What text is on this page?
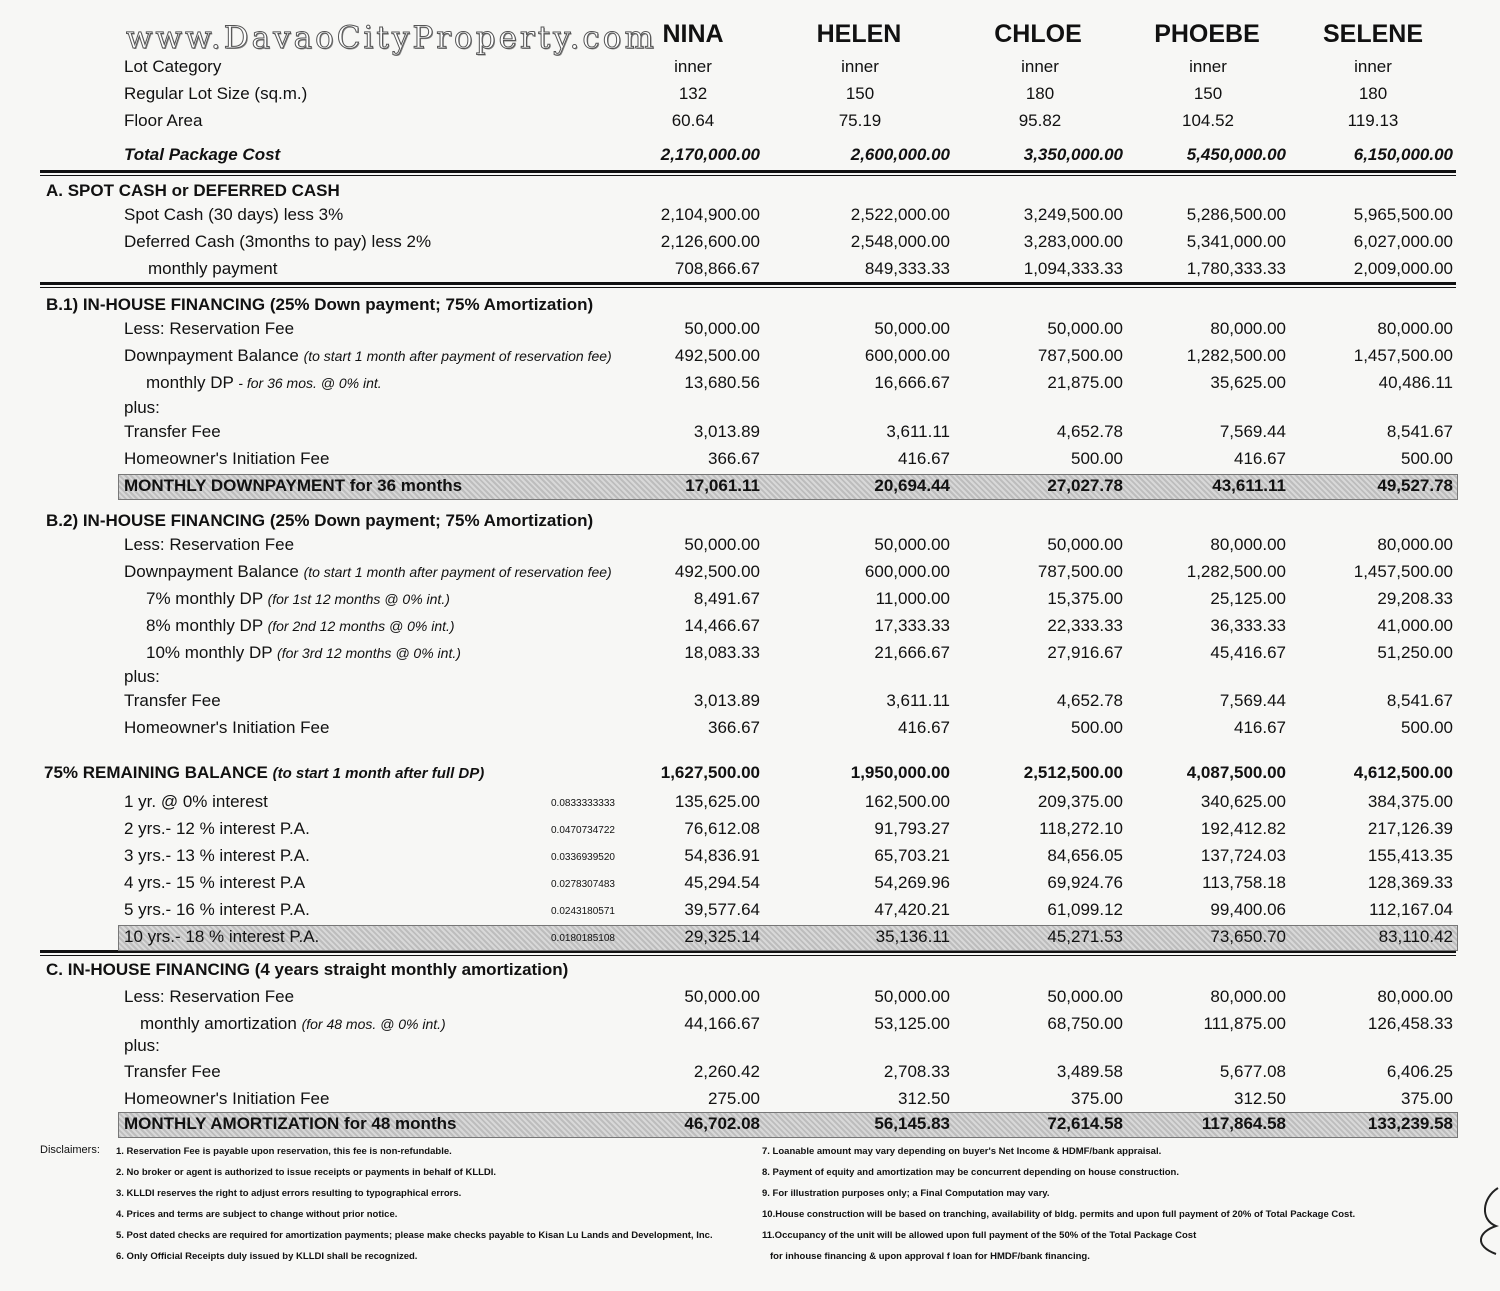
www.DavaoCityProperty.com NINA	HELEN	CHLOE	PHOEBE	SELENE
A. SPOT CASH or DEFERRED CASH
B.1) IN-HOUSE FINANCING (25% Down payment; 75% Amortization)
B.2) IN-HOUSE FINANCING (25% Down payment; 75% Amortization)
75% REMAINING BALANCE (to start 1 month after full DP)	1,627,500.00	1,950,000.00	2,512,500.00	4,087,500.00	4,612,500.00
C. IN-HOUSE FINANCING (4 years straight monthly amortization)
Lot Category	inner	inner	inner	inner	inner
Regular Lot Size (sq.m.)	132	150	180	150	180
Floor Area	60.64	75.19	95.82	104.52	119.13
Total Package Cost	2,170,000.00	2,600,000.00	3,350,000.00	5,450,000.00	6,150,000.00
Spot Cash (30 days) less 3%	2,104,900.00	2,522,000.00	3,249,500.00	5,286,500.00	5,965,500.00
Deferred Cash (3months to pay) less 2%	2,126,600.00	2,548,000.00	3,283,000.00	5,341,000.00	6,027,000.00
monthly payment	708,866.67	849,333.33	1,094,333.33	1,780,333.33	2,009,000.00
Less: Reservation Fee	50,000.00	50,000.00	50,000.00	80,000.00	80,000.00
Downpayment Balance (to start 1 month after payment of reservation fee)	492,500.00	600,000.00	787,500.00	1,282,500.00	1,457,500.00
monthly DP - for 36 mos. @ 0% int.	13,680.56	16,666.67	21,875.00	35,625.00	40,486.11
plus:
Transfer Fee	3,013.89	3,611.11	4,652.78	7,569.44	8,541.67
Homeowner's Initiation Fee	366.67	416.67	500.00	416.67	500.00
MONTHLY DOWNPAYMENT for 36 months	17,061.11	20,694.44	27,027.78	43,611.11	49,527.78
Less: Reservation Fee	50,000.00	50,000.00	50,000.00	80,000.00	80,000.00
Downpayment Balance (to start 1 month after payment of reservation fee)	492,500.00	600,000.00	787,500.00	1,282,500.00	1,457,500.00
7% monthly DP (for 1st 12 months @ 0% int.)	8,491.67	11,000.00	15,375.00	25,125.00	29,208.33
8% monthly DP (for 2nd 12 months @ 0% int.)	14,466.67	17,333.33	22,333.33	36,333.33	41,000.00
10% monthly DP (for 3rd 12 months @ 0% int.)	18,083.33	21,666.67	27,916.67	45,416.67	51,250.00
plus:
Transfer Fee	3,013.89	3,611.11	4,652.78	7,569.44	8,541.67
Homeowner's Initiation Fee	366.67	416.67	500.00	416.67	500.00
1 yr. @ 0% interest	0.0833333333	135,625.00	162,500.00	209,375.00	340,625.00	384,375.00
2 yrs.- 12 % interest P.A.	0.0470734722	76,612.08	91,793.27	118,272.10	192,412.82	217,126.39
3 yrs.- 13 % interest P.A.	0.0336939520	54,836.91	65,703.21	84,656.05	137,724.03	155,413.35
4 yrs.- 15 % interest P.A	0.0278307483	45,294.54	54,269.96	69,924.76	113,758.18	128,369.33
5 yrs.- 16 % interest P.A.	0.0243180571	39,577.64	47,420.21	61,099.12	99,400.06	112,167.04
10 yrs.- 18 % interest P.A.	0.0180185108	29,325.14	35,136.11	45,271.53	73,650.70	83,110.42
Less: Reservation Fee	50,000.00	50,000.00	50,000.00	80,000.00	80,000.00
monthly amortization (for 48 mos. @ 0% int.)	44,166.67	53,125.00	68,750.00	111,875.00	126,458.33
plus:
Transfer Fee	2,260.42	2,708.33	3,489.58	5,677.08	6,406.25
Homeowner's Initiation Fee	275.00	312.50	375.00	312.50	375.00
MONTHLY AMORTIZATION for 48 months	46,702.08	56,145.83	72,614.58	117,864.58	133,239.58
Disclaimers: 1. Reservation Fee is payable upon reservation, this fee is non-refundable.
2. No broker or agent is authorized to issue receipts or payments in behalf of KLLDI.
3. KLLDI reserves the right to adjust errors resulting to typographical errors.
4. Prices and terms are subject to change without prior notice.
5. Post dated checks are required for amortization payments; please make checks payable to Kisan Lu Lands and Development, Inc.
6. Only Official Receipts duly issued by KLLDI shall be recognized.
7. Loanable amount may vary depending on buyer's Net Income & HDMF/bank appraisal.
8. Payment of equity and amortization may be concurrent depending on house construction.
9. For illustration purposes only; a Final Computation may vary.
10.House construction will be based on tranching, availability of bldg. permits and upon full payment of 20% of Total Package Cost.
11.Occupancy of the unit will be allowed upon full payment of the 50% of the Total Package Cost
for inhouse financing & upon approval f loan for HMDF/bank financing.
